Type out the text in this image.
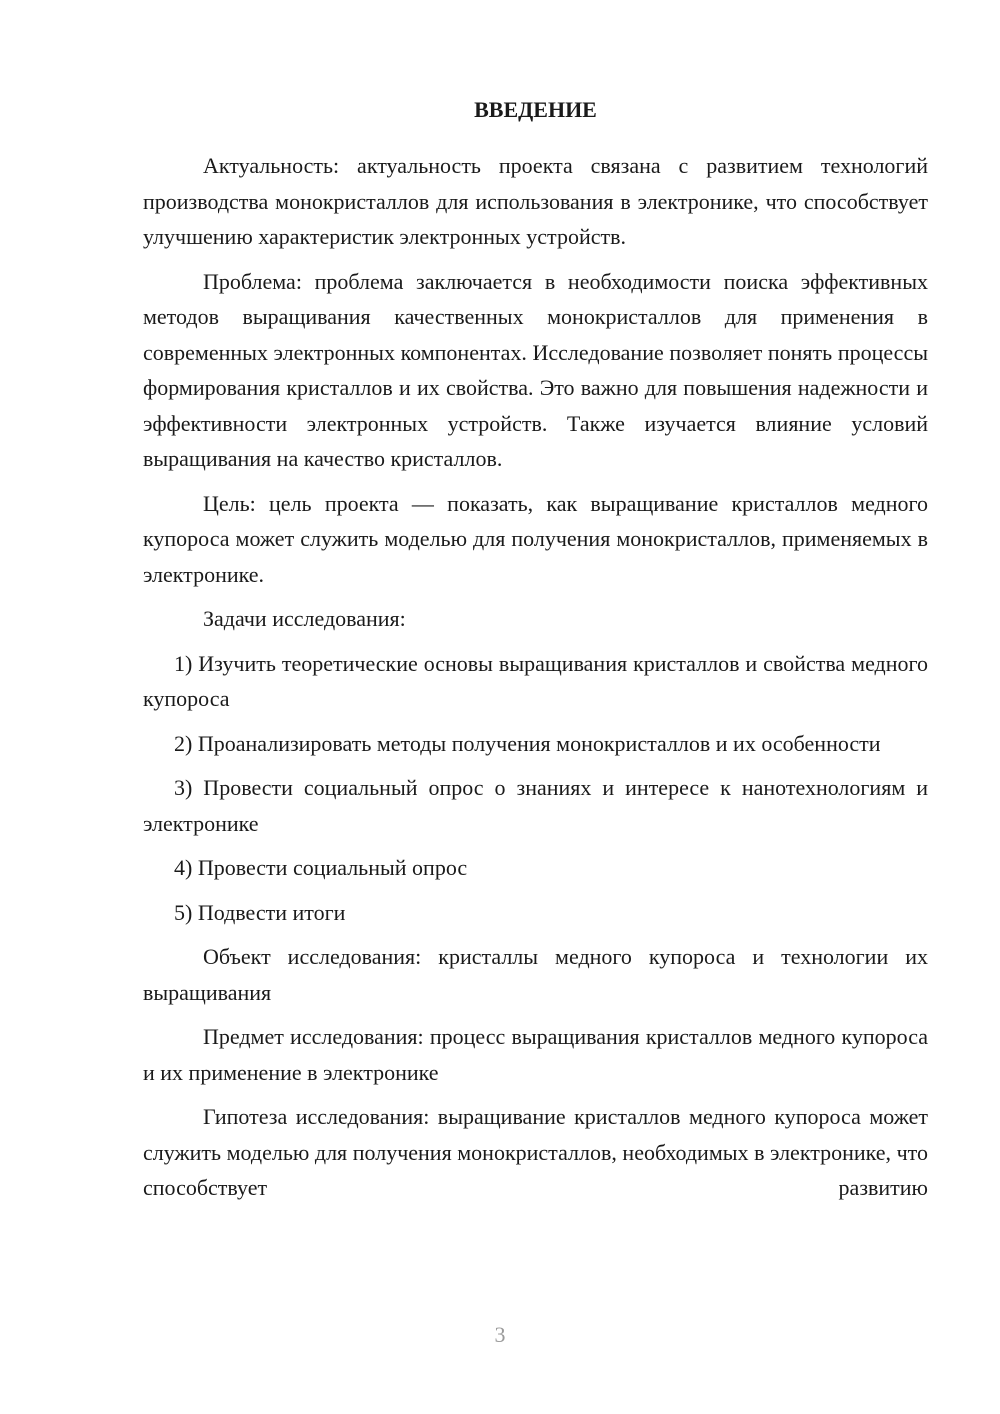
ВВЕДЕНИЕ
Актуальность: актуальность проекта связана с развитием технологий производства монокристаллов для использования в электронике, что способствует улучшению характеристик электронных устройств.
Проблема: проблема заключается в необходимости поиска эффективных методов выращивания качественных монокристаллов для применения в современных электронных компонентах. Исследование позволяет понять процессы формирования кристаллов и их свойства. Это важно для повышения надежности и эффективности электронных устройств. Также изучается влияние условий выращивания на качество кристаллов.
Цель: цель проекта — показать, как выращивание кристаллов медного купороса может служить моделью для получения монокристаллов, применяемых в электронике.
Задачи исследования:
1) Изучить теоретические основы выращивания кристаллов и свойства медного купороса
2) Проанализировать методы получения монокристаллов и их особенности
3) Провести социальный опрос о знаниях и интересе к нанотехнологиям и электронике
4) Провести социальный опрос
5) Подвести итоги
Объект исследования: кристаллы медного купороса и технологии их выращивания
Предмет исследования: процесс выращивания кристаллов медного купороса и их применение в электронике
Гипотеза исследования: выращивание кристаллов медного купороса может служить моделью для получения монокристаллов, необходимых в электронике, что способствует развитию
3
